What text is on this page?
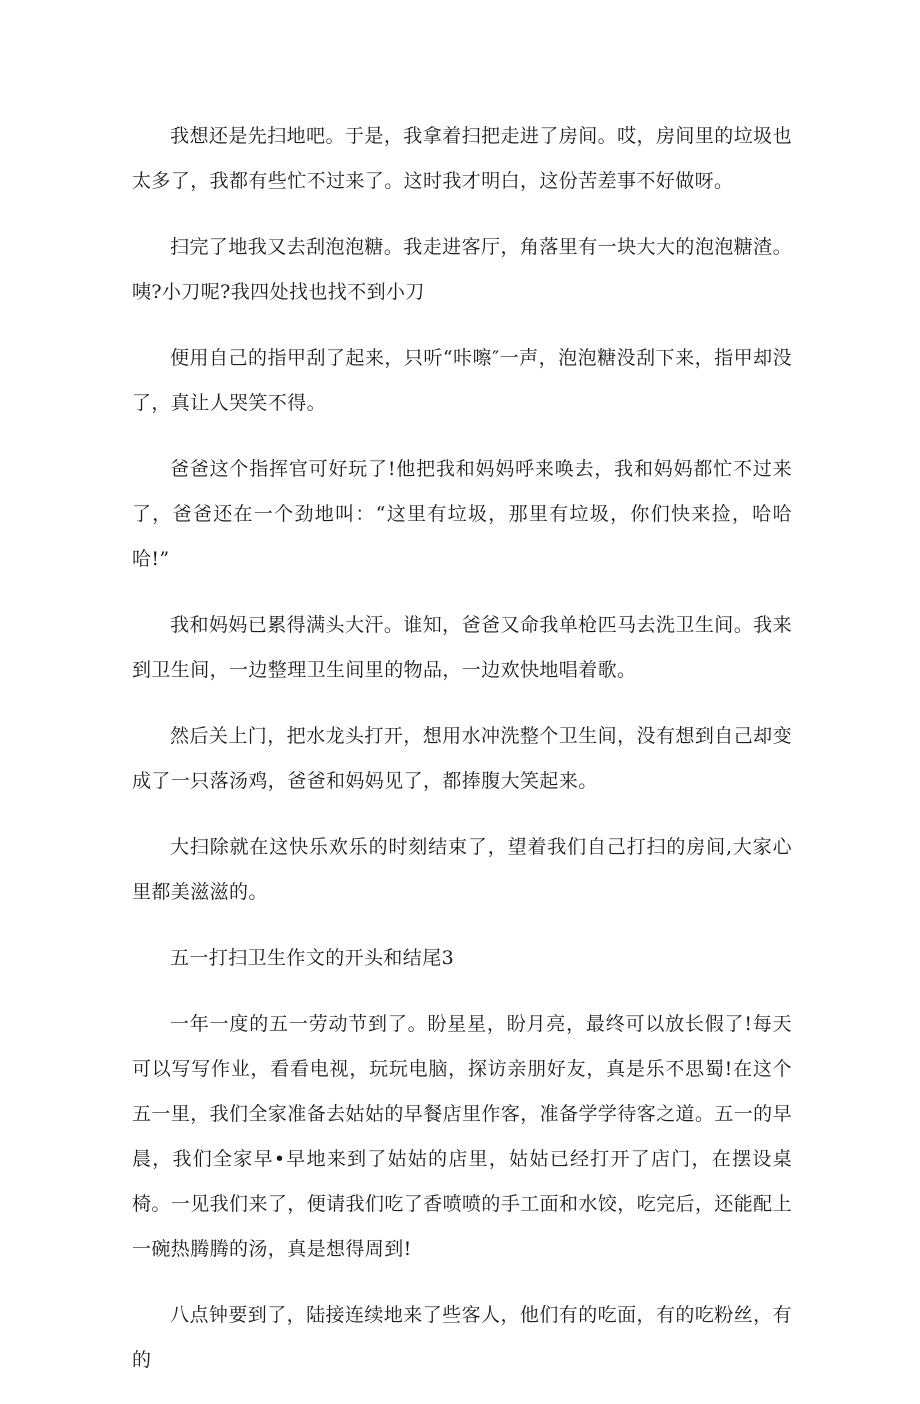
我想还是先扫地吧。于是，我拿着扫把走进了房间。哎，房间里的垃圾也太多了，我都有些忙不过来了。这时我才明白，这份苦差事不好做呀。

扫完了地我又去刮泡泡糖。我走进客厅，角落里有一块大大的泡泡糖渣。咦?小刀呢?我四处找也找不到小刀

便用自己的指甲刮了起来，只听“咔嚓″一声，泡泡糖没刮下来，指甲却没了，真让人哭笑不得。

爸爸这个指挥官可好玩了!他把我和妈妈呼来唤去，我和妈妈都忙不过来了，爸爸还在一个劲地叫：“这里有垃圾，那里有垃圾，你们快来捡，哈哈哈!”

我和妈妈已累得满头大汗。谁知，爸爸又命我单枪匹马去洗卫生间。我来到卫生间，一边整理卫生间里的物品，一边欢快地唱着歌。

然后关上门，把水龙头打开，想用水冲洗整个卫生间，没有想到自己却变成了一只落汤鸡，爸爸和妈妈见了，都捧腹大笑起来。

大扫除就在这快乐欢乐的时刻结束了，望着我们自己打扫的房间,大家心里都美滋滋的。

五一打扫卫生作文的开头和结尾3

一年一度的五一劳动节到了。盼星星，盼月亮，最终可以放长假了!每天可以写写作业，看看电视，玩玩电脑，探访亲朋好友，真是乐不思蜀!在这个五一里，我们全家准备去姑姑的早餐店里作客，准备学学待客之道。五一的早晨，我们全家早•早地来到了姑姑的店里，姑姑已经打开了店门，在摆设桌椅。一见我们来了，便请我们吃了香喷喷的手工面和水饺，吃完后，还能配上一碗热腾腾的汤，真是想得周到!

八点钟要到了，陆接连续地来了些客人，他们有的吃面，有的吃粉丝，有的
